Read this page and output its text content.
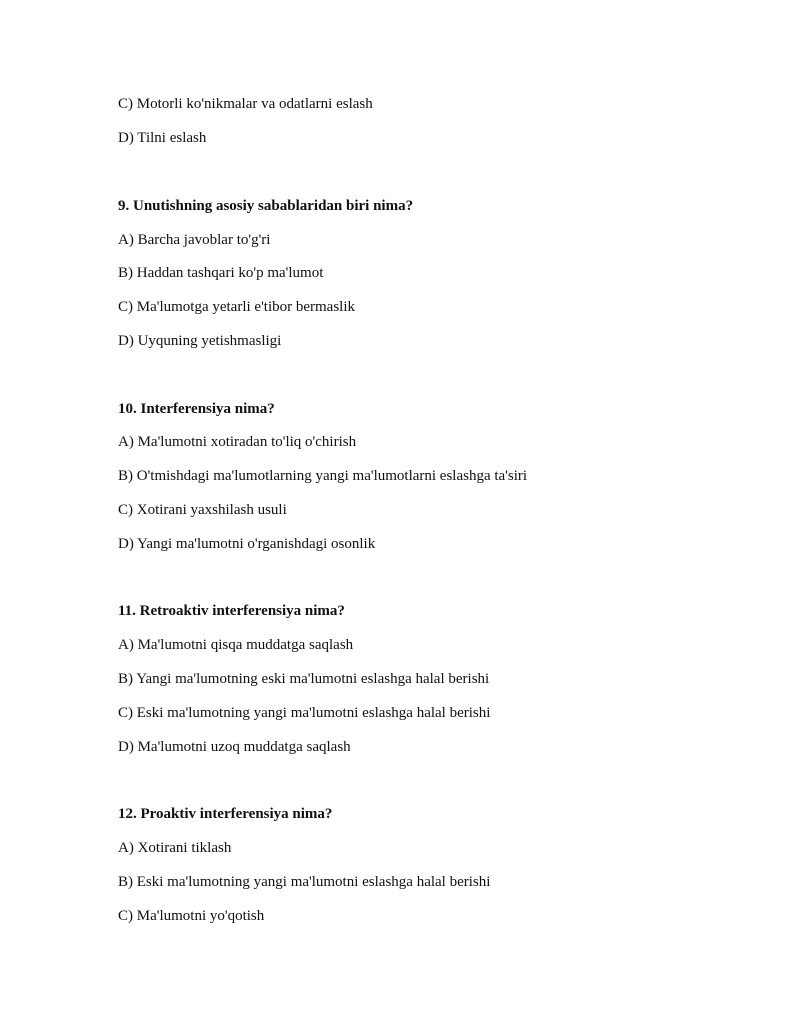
C) Motorli ko'nikmalar va odatlarni eslash
D) Tilni eslash
9. Unutishning asosiy sabablaridan biri nima?
A) Barcha javoblar to'g'ri
B) Haddan tashqari ko'p ma'lumot
C) Ma'lumotga yetarli e'tibor bermaslik
D) Uyquning yetishmasligi
10. Interferensiya nima?
A) Ma'lumotni xotiradan to'liq o'chirish
B) O'tmishdagi ma'lumotlarning yangi ma'lumotlarni eslashga ta'siri
C) Xotirani yaxshilash usuli
D) Yangi ma'lumotni o'rganishdagi osonlik
11. Retroaktiv interferensiya nima?
A) Ma'lumotni qisqa muddatga saqlash
B) Yangi ma'lumotning eski ma'lumotni eslashga halal berishi
C) Eski ma'lumotning yangi ma'lumotni eslashga halal berishi
D) Ma'lumotni uzoq muddatga saqlash
12. Proaktiv interferensiya nima?
A) Xotirani tiklash
B) Eski ma'lumotning yangi ma'lumotni eslashga halal berishi
C) Ma'lumotni yo'qotish
